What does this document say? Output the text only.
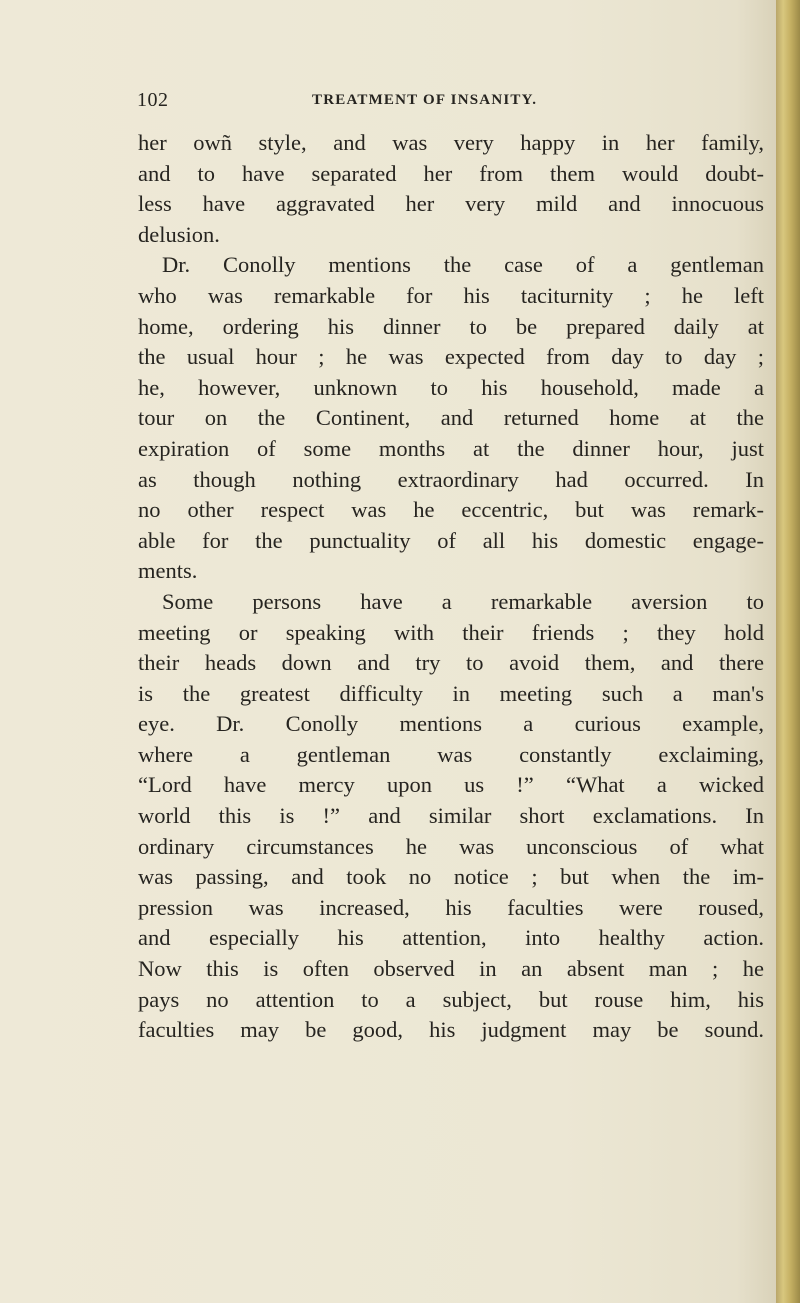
102	TREATMENT OF INSANITY.
her owñ style, and was very happy in her family,
and to have separated her from them would doubt-
less have aggravated her very mild and innocuous
delusion.
Dr. Conolly mentions the case of a gentleman
who was remarkable for his taciturnity ; he left
home, ordering his dinner to be prepared daily at
the usual hour ; he was expected from day to day ;
he, however, unknown to his household, made a
tour on the Continent, and returned home at the
expiration of some months at the dinner hour, just
as though nothing extraordinary had occurred. In
no other respect was he eccentric, but was remark-
able for the punctuality of all his domestic engage-
ments.
Some persons have a remarkable aversion to
meeting or speaking with their friends ; they hold
their heads down and try to avoid them, and there
is the greatest difficulty in meeting such a man's
eye. Dr. Conolly mentions a curious example,
where a gentleman was constantly exclaiming,
“Lord have mercy upon us !” “What a wicked
world this is !” and similar short exclamations. In
ordinary circumstances he was unconscious of what
was passing, and took no notice ; but when the im-
pression was increased, his faculties were roused,
and especially his attention, into healthy action.
Now this is often observed in an absent man ; he
pays no attention to a subject, but rouse him, his
faculties may be good, his judgment may be sound.
